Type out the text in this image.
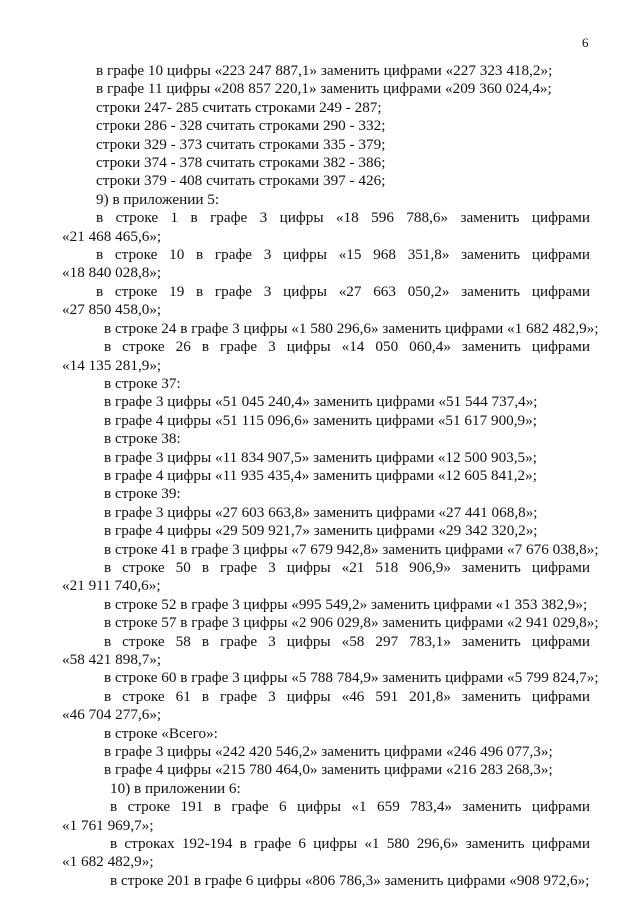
6
в графе 10 цифры «223 247 887,1» заменить цифрами «227 323 418,2»;
в графе 11 цифры «208 857 220,1» заменить цифрами «209 360 024,4»;
строки 247- 285 считать строками 249 - 287;
строки 286 - 328 считать строками 290 - 332;
строки 329 - 373 считать строками 335 - 379;
строки 374 - 378 считать строками 382 - 386;
строки 379 - 408 считать строками 397 - 426;
9) в приложении 5:
в строке 1 в графе 3 цифры «18 596 788,6» заменить цифрами
«21 468 465,6»;
в строке 10 в графе 3 цифры «15 968 351,8» заменить цифрами
«18 840 028,8»;
в строке 19 в графе 3 цифры «27 663 050,2» заменить цифрами
«27 850 458,0»;
в строке 24 в графе 3 цифры «1 580 296,6» заменить цифрами «1 682 482,9»;
в строке 26 в графе 3 цифры «14 050 060,4» заменить цифрами
«14 135 281,9»;
в строке 37:
в графе 3 цифры «51 045 240,4» заменить цифрами «51 544 737,4»;
в графе 4 цифры «51 115 096,6» заменить цифрами «51 617 900,9»;
в строке 38:
в графе 3 цифры «11 834 907,5» заменить цифрами «12 500 903,5»;
в графе 4 цифры «11 935 435,4» заменить цифрами «12 605 841,2»;
в строке 39:
в графе 3 цифры «27 603 663,8» заменить цифрами «27 441 068,8»;
в графе 4 цифры «29 509 921,7» заменить цифрами «29 342 320,2»;
в строке 41 в графе 3 цифры «7 679 942,8» заменить цифрами «7 676 038,8»;
в строке 50 в графе 3 цифры «21 518 906,9» заменить цифрами
«21 911 740,6»;
в строке 52 в графе 3 цифры «995 549,2» заменить цифрами «1 353 382,9»;
в строке 57 в графе 3 цифры «2 906 029,8» заменить цифрами «2 941 029,8»;
в строке 58 в графе 3 цифры «58 297 783,1» заменить цифрами
«58 421 898,7»;
в строке 60 в графе 3 цифры «5 788 784,9» заменить цифрами «5 799 824,7»;
в строке 61 в графе 3 цифры «46 591 201,8» заменить цифрами
«46 704 277,6»;
в строке «Всего»:
в графе 3 цифры «242 420 546,2» заменить цифрами «246 496 077,3»;
в графе 4 цифры «215 780 464,0» заменить цифрами «216 283 268,3»;
10) в приложении 6:
в строке 191 в графе 6 цифры «1 659 783,4» заменить цифрами
«1 761 969,7»;
в строках 192-194 в графе 6 цифры «1 580 296,6» заменить цифрами
«1 682 482,9»;
в строке 201 в графе 6 цифры «806 786,3» заменить цифрами «908 972,6»;
